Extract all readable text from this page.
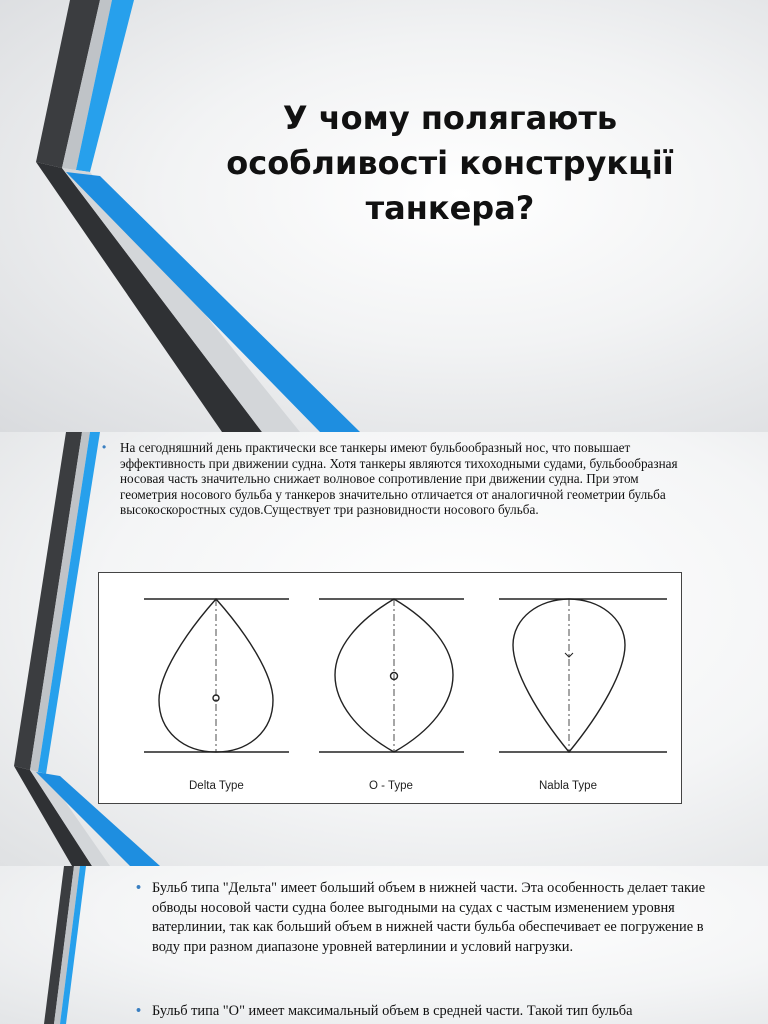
У чому полягають особливості конструкції танкера?

• На сегодняшний день практически все танкеры имеют бульбообразный нос, что повышает эффективность при движении судна. Хотя танкеры являются тихоходными судами, бульбообразная носовая часть значительно снижает волновое сопротивление при движении судна. При этом геометрия носового бульба у танкеров значительно отличается от аналогичной геометрии бульба высокоскоростных судов.Существует три разновидности носового бульба.

Delta Type	O - Type	Nabla Type

• Бульб типа "Дельта" имеет больший объем в нижней части. Эта особенность делает такие обводы носовой части судна более выгодными на судах с частым изменением уровня ватерлинии, так как больший объем в нижней части бульба обеспечивает ее погружение в воду при разном диапазоне уровней ватерлинии и условий нагрузки.

• Бульб типа "О" имеет максимальный объем в средней части. Такой тип бульба
